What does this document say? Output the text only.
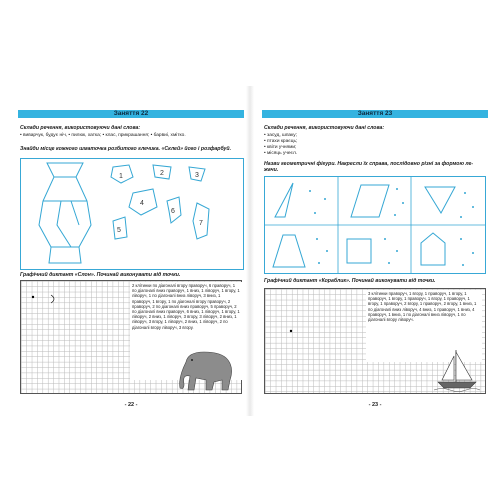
Заняття 22
Склади речення, використовуючи дані слова:
• виварчук, будує ніч, • пилюк, хатка; • клас, прикрашання; • барвиі, хмітко.
Знайди місце кожного шматочка розбитого глечика. «Склей» його і розфарбуй.
1	2	3
4
5
6
7
Графічний диктант «Слон». Починай виконувати від точки.
2 клітинки по діагоналі вгору праворуч, 6 праворуч, 1 по діагоналі вниз праворуч, 1 вниз, 1 ліворуч, 1 вгору, 1 ліворуч, 1 по діагоналі вниз ліворуч, 3 вниз, 1 праворуч, 1 вгору, 1 по діагоналі вгору праворуч, 2 праворуч, 2 по діагоналі вниз праворуч, 5 праворуч, 2 по діагоналі вниз праворуч, 6 вниз, 1 ліворуч, 1 вгору, 1 ліворуч, 2 вниз, 1 ліворуч, 3 вгору, 3 ліворуч, 2 вниз, 1 ліворуч, 3 вгору, 1 ліворуч, 2 вниз, 1 ліворуч, 2 по діагоналі вгору ліворуч, 3 вгору.
- 22 -
Заняття 23
Склади речення, використовуючи дані слова:
• засуд, шпаку;
• птахи краєць;
• квіти учнями;
• місяць учеєл.
Назви геометричні фігури. Накресли їх справа, послідовно різні за формою ле-жачи.
Графічний диктант «Кораблик». Починай виконувати від точки.
3 клітинки праворуч, 1 вгору, 1 праворуч, 1 вгору, 1 праворуч, 1 вгору, 1 праворуч, 1 вгору, 1 праворуч, 1 вгору, 1 праворуч, 2 вгору, 1 праворуч, 2 вгору, 1 вниз, 1 по діагоналі вниз ліворуч, 4 вниз, 1 праворуч, 1 вниз, 4 праворуч, 1 вниз, 1 по діагоналі вниз ліворуч, 1 по діагоналі вгору ліворуч.
- 23 -
